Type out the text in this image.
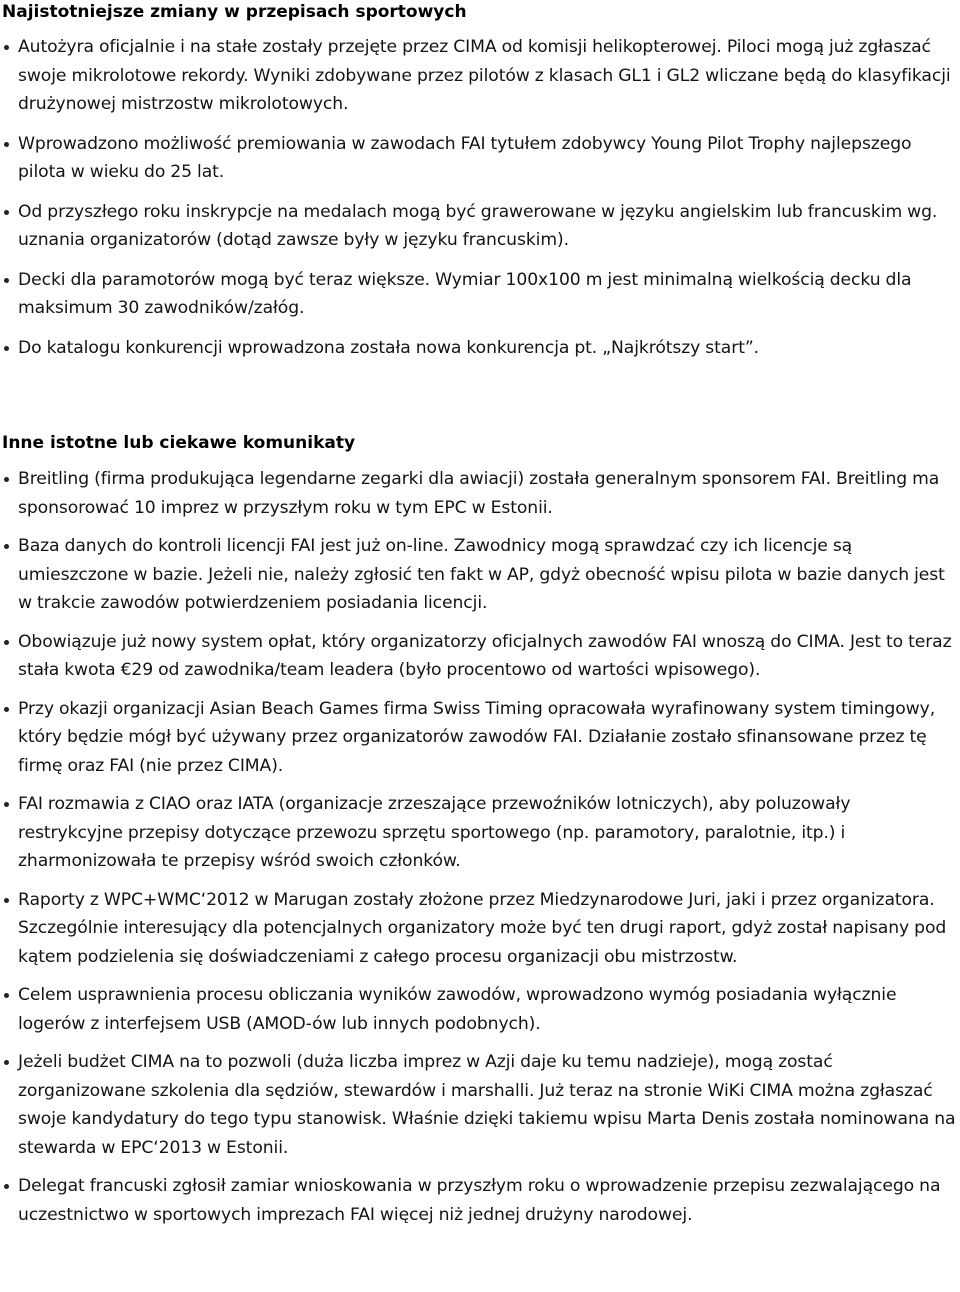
Najistotniejsze zmiany w przepisach sportowych
Autożyra oficjalnie i na stałe zostały przejęte przez CIMA od komisji helikopterowej. Piloci mogą już zgłaszać swoje mikrolotowe rekordy. Wyniki zdobywane przez pilotów z klasach GL1 i GL2 wliczane będą do klasyfikacji drużynowej mistrzostw mikrolotowych.
Wprowadzono możliwość premiowania w zawodach FAI tytułem zdobywcy Young Pilot Trophy najlepszego pilota w wieku do 25 lat.
Od przyszłego roku inskrypcje na medalach mogą być grawerowane w języku angielskim lub francuskim wg. uznania organizatorów (dotąd zawsze były w języku francuskim).
Decki dla paramotorów mogą być teraz większe. Wymiar 100x100 m jest minimalną wielkością decku dla maksimum 30 zawodników/załóg.
Do katalogu konkurencji wprowadzona została nowa konkurencja pt. „Najkrótszy start”.
Inne istotne lub ciekawe komunikaty
Breitling (firma produkująca legendarne zegarki dla awiacji) została generalnym sponsorem FAI. Breitling ma sponsorować 10 imprez w przyszłym roku w tym EPC w Estonii.
Baza danych do kontroli licencji FAI jest już on-line. Zawodnicy mogą sprawdzać czy ich licencje są umieszczone w bazie. Jeżeli nie, należy zgłosić ten fakt w AP, gdyż obecność wpisu pilota w bazie danych jest w trakcie zawodów potwierdzeniem posiadania licencji.
Obowiązuje już nowy system opłat, który organizatorzy oficjalnych zawodów FAI wnoszą do CIMA. Jest to teraz stała kwota €29 od zawodnika/team leadera (było procentowo od wartości wpisowego).
Przy okazji organizacji Asian Beach Games firma Swiss Timing opracowała wyrafinowany system timingowy, który będzie mógł być używany przez organizatorów zawodów FAI. Działanie zostało sfinansowane przez tę firmę oraz FAI (nie przez CIMA).
FAI rozmawia z CIAO oraz IATA (organizacje zrzeszające przewoźników lotniczych), aby poluzowały restrykcyjne przepisy dotyczące przewozu sprzętu sportowego (np. paramotory, paralotnie, itp.) i zharmonizowała te przepisy wśród swoich członków.
Raporty z WPC+WMC‘2012 w Marugan zostały złożone przez Miedzynarodowe Juri, jaki i przez organizatora. Szczególnie interesujący dla potencjalnych organizatory może być ten drugi raport, gdyż został napisany pod kątem podzielenia się doświadczeniami z całego procesu organizacji obu mistrzostw.
Celem usprawnienia procesu obliczania wyników zawodów, wprowadzono wymóg posiadania wyłącznie logerów z interfejsem USB (AMOD-ów lub innych podobnych).
Jeżeli budżet CIMA na to pozwoli (duża liczba imprez w Azji daje ku temu nadzieje), mogą zostać zorganizowane szkolenia dla sędziów, stewardów i marshalli. Już teraz na stronie WiKi CIMA można zgłaszać swoje kandydatury do tego typu stanowisk. Właśnie dzięki takiemu wpisu Marta Denis została nominowana na stewarda w EPC‘2013 w Estonii.
Delegat francuski zgłosił zamiar wnioskowania w przyszłym roku o wprowadzenie przepisu zezwalającego na uczestnictwo w sportowych imprezach FAI więcej niż jednej drużyny narodowej.
